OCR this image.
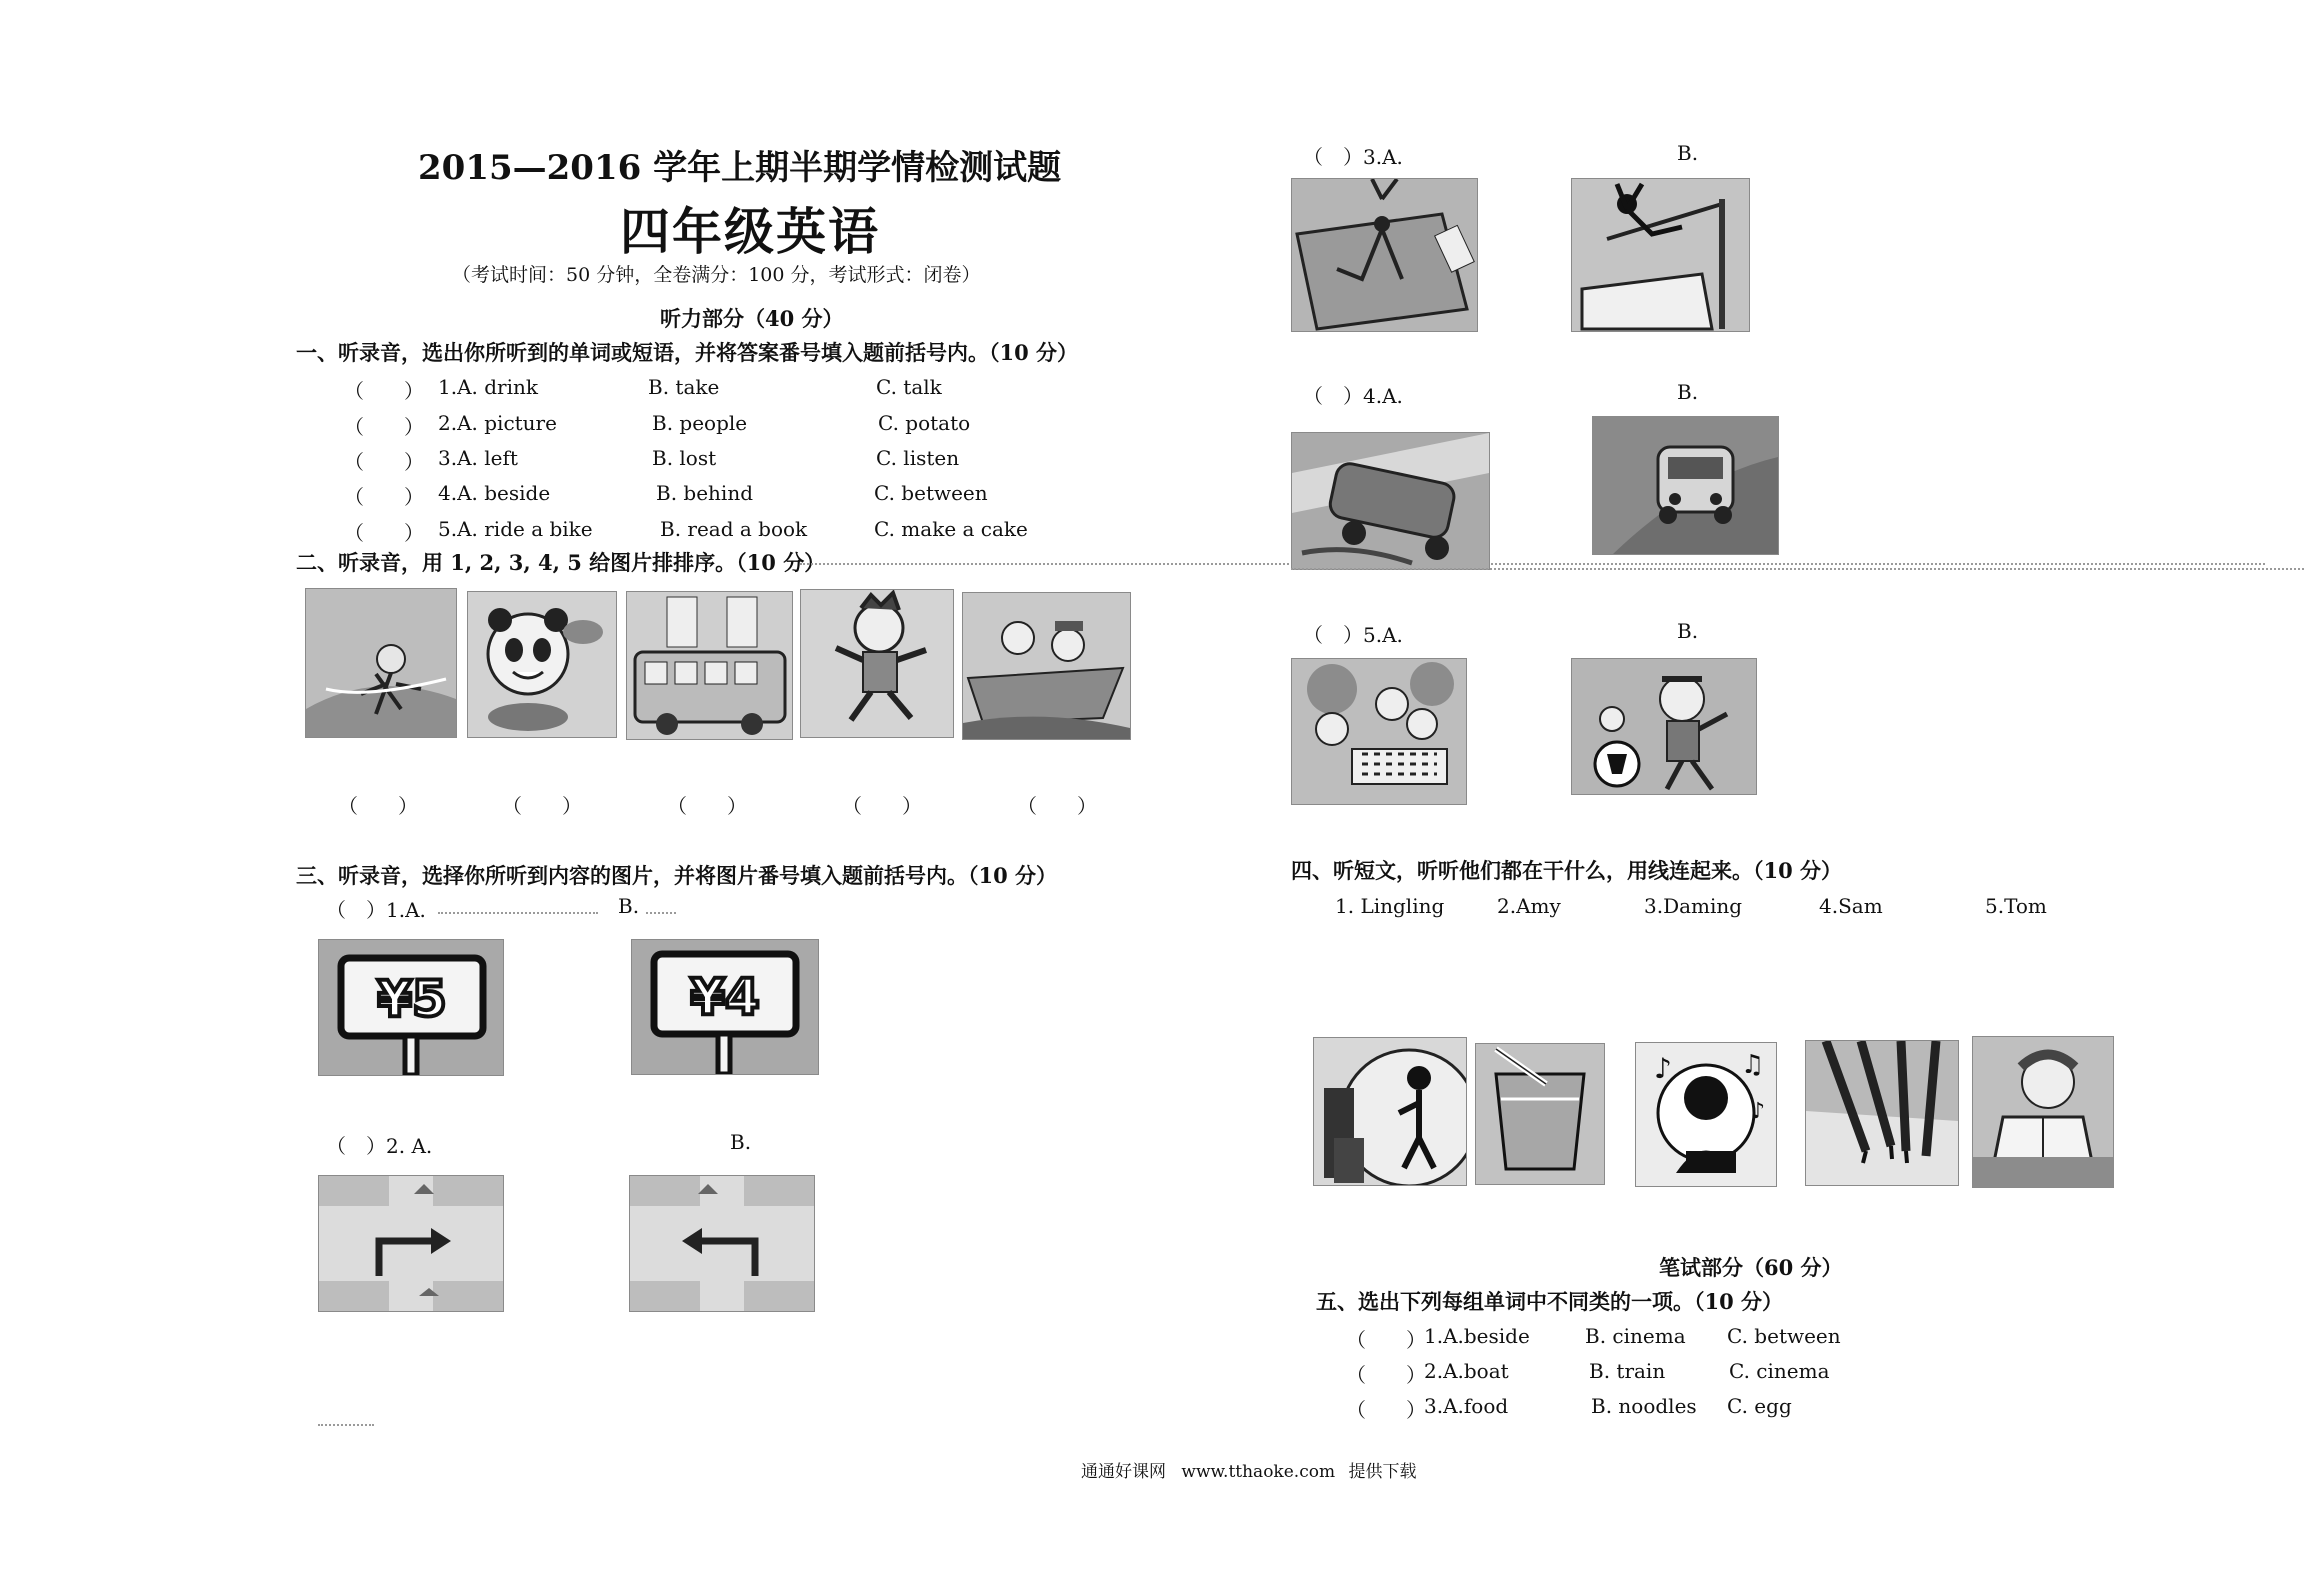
2015—2016 学年上期半期学情检测试题
四年级英语
（考试时间：50 分钟，全卷满分：100 分，考试形式：闭卷）
听力部分（40 分）
一、听录音，选出你所听到的单词或短语，并将答案番号填入题前括号内。（10 分）
（　　） 1.A. drink	B. take	C. talk
（　　） 2.A. picture	B. people	C. potato
（　　） 3.A. left	B. lost	C. listen
（　　） 4.A. beside	B. behind	C. between
（　　） 5.A. ride a bike	B. read a book	C. make a cake
二、听录音，用 1, 2, 3, 4, 5 给图片排排序。（10 分）
（　　）	（　　）	（　　）	（　　）	（　　）
三、听录音，选择你所听到内容的图片，并将图片番号填入题前括号内。（10 分）
（　）1.A.	B.
¥5	¥4
（　）2. A.	B.
（　）3.A.	B.
（　）4.A.	B.
（　）5.A.	B.
四、听短文，听听他们都在干什么，用线连起来。（10 分）
1. Lingling	2.Amy	3.Daming	4.Sam	5.Tom
♪	♫
♪
笔试部分（60 分）
五、选出下列每组单词中不同类的一项。（10 分）
（　　）
1.A.beside	B. cinema C. between
（　　）
2.A.boat	B. train	C. cinema
（　　）
3.A.food	B. noodles C. egg
通通好课网 www.tthaoke.com 提供下载
